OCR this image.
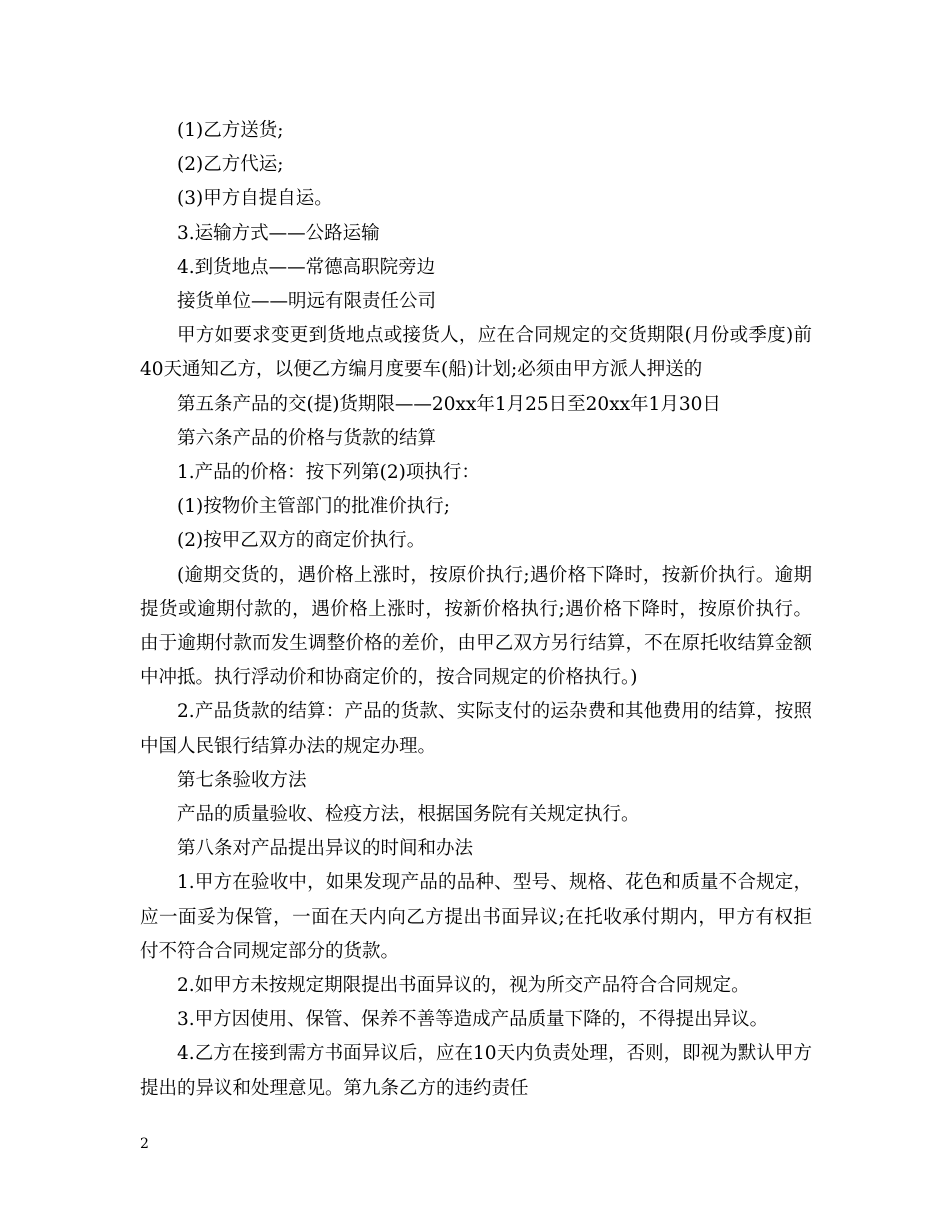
(1)乙方送货;

(2)乙方代运;

(3)甲方自提自运。

3.运输方式——公路运输

4.到货地点——常德高职院旁边

接货单位——明远有限责任公司

甲方如要求变更到货地点或接货人，应在合同规定的交货期限(月份或季度)前40天通知乙方，以便乙方编月度要车(船)计划;必须由甲方派人押送的

第五条产品的交(提)货期限——20xx年1月25日至20xx年1月30日

第六条产品的价格与货款的结算

1.产品的价格：按下列第(2)项执行：

(1)按物价主管部门的批准价执行;

(2)按甲乙双方的商定价执行。

(逾期交货的，遇价格上涨时，按原价执行;遇价格下降时，按新价执行。逾期提货或逾期付款的，遇价格上涨时，按新价格执行;遇价格下降时，按原价执行。由于逾期付款而发生调整价格的差价，由甲乙双方另行结算，不在原托收结算金额中冲抵。执行浮动价和协商定价的，按合同规定的价格执行。)

2.产品货款的结算：产品的货款、实际支付的运杂费和其他费用的结算，按照中国人民银行结算办法的规定办理。

第七条验收方法

产品的质量验收、检疫方法，根据国务院有关规定执行。

第八条对产品提出异议的时间和办法

1.甲方在验收中，如果发现产品的品种、型号、规格、花色和质量不合规定，应一面妥为保管，一面在天内向乙方提出书面异议;在托收承付期内，甲方有权拒付不符合合同规定部分的货款。

2.如甲方未按规定期限提出书面异议的，视为所交产品符合合同规定。

3.甲方因使用、保管、保养不善等造成产品质量下降的，不得提出异议。

4.乙方在接到需方书面异议后，应在10天内负责处理，否则，即视为默认甲方提出的异议和处理意见。第九条乙方的违约责任

2
